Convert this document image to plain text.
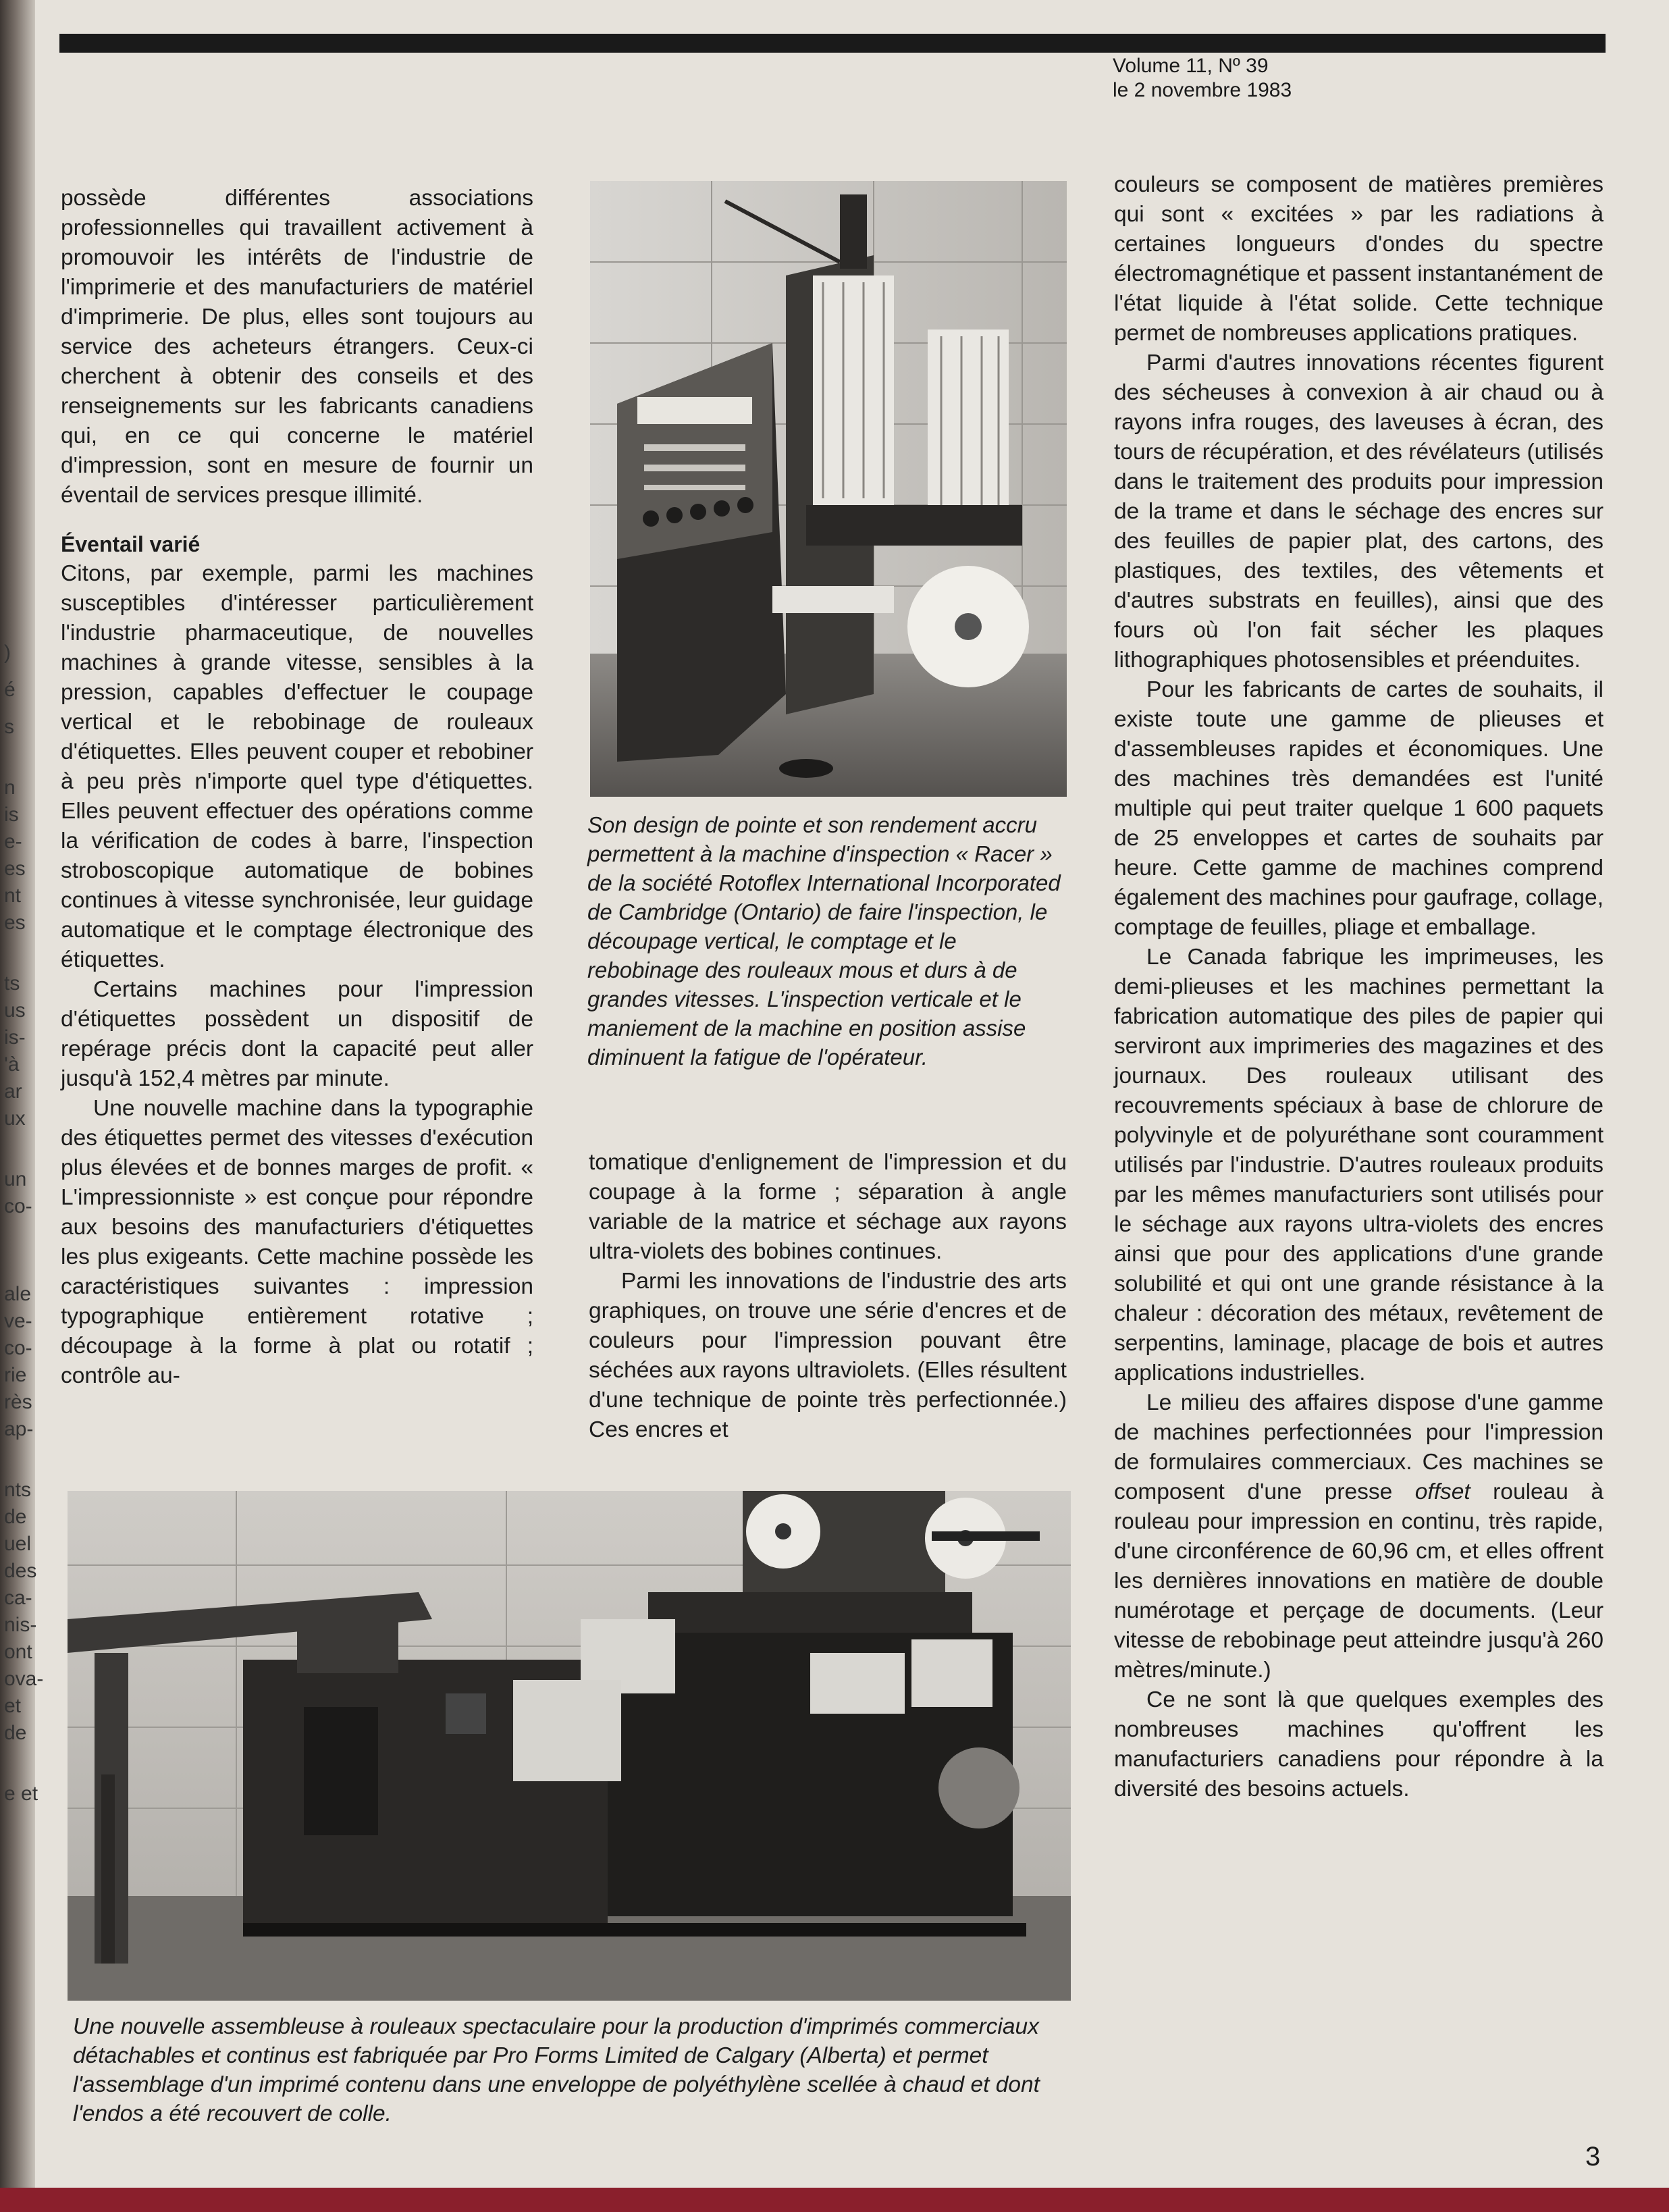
)
é
s
n
is
e-
es
nt
es
ts
us
is-
'à
ar
ux
un
co-
ale
ve-
co-
rie
rès
ap-
nts
de
uel
des
ca-
nis-
ont
ova-
et
de
e et
Volume 11, Nº 39
le 2 novembre 1983

possède différentes associations professionnelles qui travaillent activement à promouvoir les intérêts de l'industrie de l'imprimerie et des manufacturiers de matériel d'imprimerie. De plus, elles sont toujours au service des acheteurs étrangers. Ceux-ci cherchent à obtenir des conseils et des renseignements sur les fabricants canadiens qui, en ce qui concerne le matériel d'impression, sont en mesure de fournir un éventail de services presque illimité.

Éventail varié

Citons, par exemple, parmi les machines susceptibles d'intéresser particulièrement l'industrie pharmaceutique, de nouvelles machines à grande vitesse, sensibles à la pression, capables d'effectuer le coupage vertical et le rebobinage de rouleaux d'étiquettes. Elles peuvent couper et rebobiner à peu près n'importe quel type d'étiquettes. Elles peuvent effectuer des opérations comme la vérification de codes à barre, l'inspection stroboscopique automatique de bobines continues à vitesse synchronisée, leur guidage automatique et le comptage électronique des étiquettes.

Certains machines pour l'impression d'étiquettes possèdent un dispositif de repérage précis dont la capacité peut aller jusqu'à 152,4 mètres par minute.

Une nouvelle machine dans la typographie des étiquettes permet des vitesses d'exécution plus élevées et de bonnes marges de profit. « L'impressionniste » est conçue pour répondre aux besoins des manufacturiers d'étiquettes les plus exigeants. Cette machine possède les caractéristiques suivantes : impression typographique entièrement rotative ; découpage à la forme à plat ou rotatif ; contrôle au-

Son design de pointe et son rendement accru permettent à la machine d'inspection « Racer » de la société Rotoflex International Incorporated de Cambridge (Ontario) de faire l'inspection, le découpage vertical, le comptage et le rebobinage des rouleaux mous et durs à de grandes vitesses. L'inspection verticale et le maniement de la machine en position assise diminuent la fatigue de l'opérateur.

tomatique d'enlignement de l'impression et du coupage à la forme ; séparation à angle variable de la matrice et séchage aux rayons ultra-violets des bobines continues.

Parmi les innovations de l'industrie des arts graphiques, on trouve une série d'encres et de couleurs pour l'impression pouvant être séchées aux rayons ultraviolets. (Elles résultent d'une technique de pointe très perfectionnée.) Ces encres et

couleurs se composent de matières premières qui sont « excitées » par les radiations à certaines longueurs d'ondes du spectre électromagnétique et passent instantanément de l'état liquide à l'état solide. Cette technique permet de nombreuses applications pratiques.

Parmi d'autres innovations récentes figurent des sécheuses à convexion à air chaud ou à rayons infra rouges, des laveuses à écran, des tours de récupération, et des révélateurs (utilisés dans le traitement des produits pour impression de la trame et dans le séchage des encres sur des feuilles de papier plat, des cartons, des plastiques, des textiles, des vêtements et d'autres substrats en feuilles), ainsi que des fours où l'on fait sécher les plaques lithographiques photosensibles et préenduites.

Pour les fabricants de cartes de souhaits, il existe toute une gamme de plieuses et d'assembleuses rapides et économiques. Une des machines très demandées est l'unité multiple qui peut traiter quelque 1 600 paquets de 25 enveloppes et cartes de souhaits par heure. Cette gamme de machines comprend également des machines pour gaufrage, collage, comptage de feuilles, pliage et emballage.

Le Canada fabrique les imprimeuses, les demi-plieuses et les machines permettant la fabrication automatique des piles de papier qui serviront aux imprimeries des magazines et des journaux. Des rouleaux utilisant des recouvrements spéciaux à base de chlorure de polyvinyle et de polyuréthane sont couramment utilisés par l'industrie. D'autres rouleaux produits par les mêmes manufacturiers sont utilisés pour le séchage aux rayons ultra-violets des encres ainsi que pour des applications d'une grande solubilité et qui ont une grande résistance à la chaleur : décoration des métaux, revêtement de serpentins, laminage, placage de bois et autres applications industrielles.

Le milieu des affaires dispose d'une gamme de machines perfectionnées pour l'impression de formulaires commerciaux. Ces machines se composent d'une presse offset rouleau à rouleau pour impression en continu, très rapide, d'une circonférence de 60,96 cm, et elles offrent les dernières innovations en matière de double numérotage et perçage de documents. (Leur vitesse de rebobinage peut atteindre jusqu'à 260 mètres/minute.)

Ce ne sont là que quelques exemples des nombreuses machines qu'offrent les manufacturiers canadiens pour répondre à la diversité des besoins actuels.

Une nouvelle assembleuse à rouleaux spectaculaire pour la production d'imprimés commerciaux détachables et continus est fabriquée par Pro Forms Limited de Calgary (Alberta) et permet l'assemblage d'un imprimé contenu dans une enveloppe de polyéthylène scellée à chaud et dont l'endos a été recouvert de colle.
3
